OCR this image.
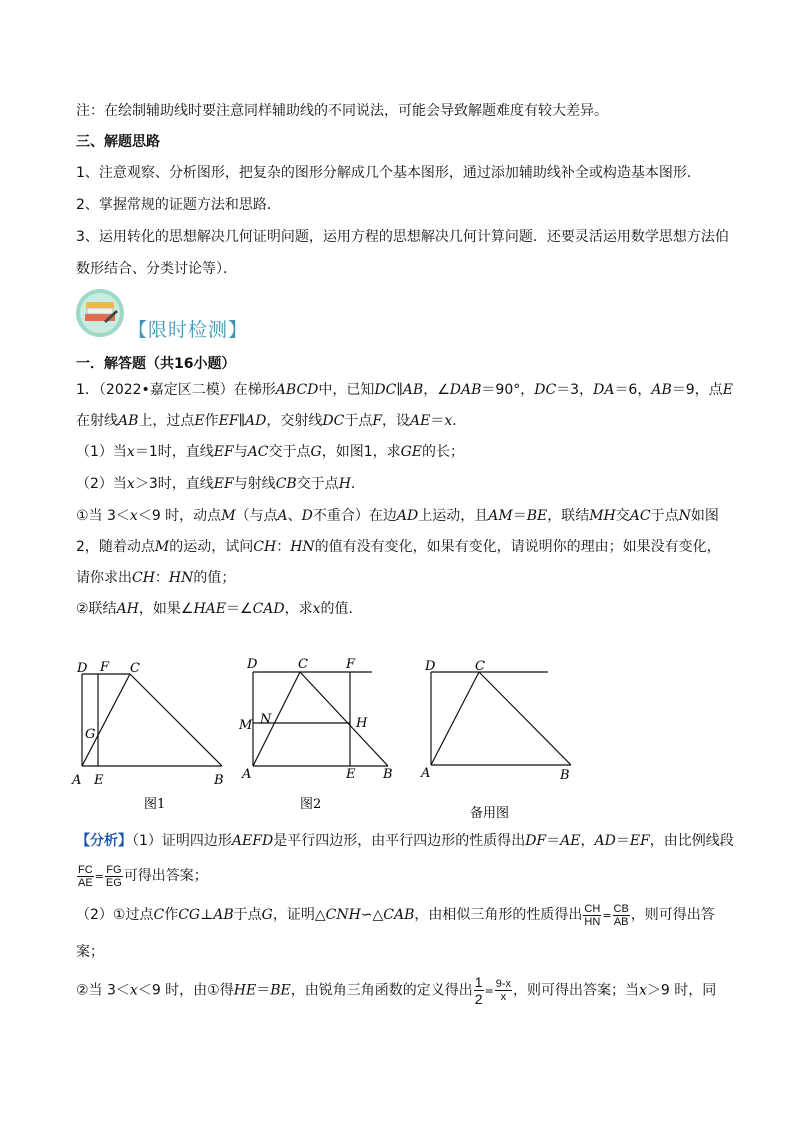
注：在绘制辅助线时要注意同样辅助线的不同说法，可能会导致解题难度有较大差异。
三、解题思路
1、注意观察、分析图形，把复杂的图形分解成几个基本图形，通过添加辅助线补全或构造基本图形．
2、掌握常规的证题方法和思路．
3、运用转化的思想解决几何证明问题，运用方程的思想解决几何计算问题．还要灵活运用数学思想方法伯
数形结合、分类讨论等）．
【限时检测】
一．解答题（共16小题）
1．（2022•嘉定区二模）在梯形ABCD中，已知DC∥AB，∠DAB＝90°，DC＝3，DA＝6，AB＝9，点E
在射线AB上，过点E作EF∥AD，交射线DC于点F，设AE＝x．
（1）当x＝1时，直线EF与AC交于点G，如图1，求GE的长；
（2）当x＞3时，直线EF与射线CB交于点H．
①当 3＜x＜9 时，动点M（与点A、D不重合）在边AD上运动，且AM＝BE，联结MH交AC于点N如图
2，随着动点M的运动，试问CH：HN的值有没有变化，如果有变化，请说明你的理由；如果没有变化，
请你求出CH：HN的值；
②联结AH，如果∠HAE＝∠CAD，求x的值．
D F C
G
A E	B
图1
D	C	F
M N	H
A	E B
图2
D	C
A	B
备用图
【分析】（1）证明四边形AEFD是平行四边形，由平行四边形的性质得出DF＝AE，AD＝EF，由比例线段
$\frac{FC}{AE} = \frac{FG}{EG}$ 可得出答案；
（2）①过点C作CG⊥AB于点G，证明△CNH∽△CAB，由相似三角形的性质得出 $\frac{CH}{HN} = \frac{CB}{AB}$ ，则可得出答
案；
②当 3＜x＜9 时，由①得HE＝BE，由锐角三角函数的定义得出 $\frac{1}{2} = \frac{9-x}{x}$ ，则可得出答案；当x＞9 时，同
